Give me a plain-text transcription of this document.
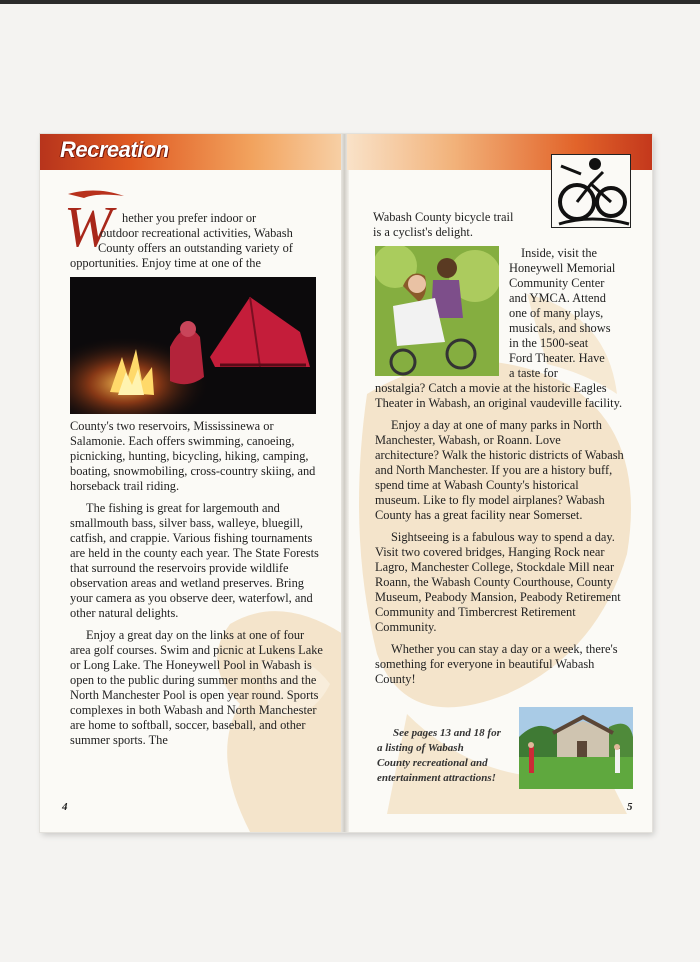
Recreation
W hether you prefer indoor or
outdoor recreational activities, Wabash
County offers an outstanding variety of
opportunities. Enjoy time at one of the

County's two reservoirs, Mississinewa or Salamonie. Each offers swimming, canoeing, picnicking, hunting, bicycling, hiking, camping, boating, snowmobiling, cross-country skiing, and horseback trail riding.

The fishing is great for largemouth and smallmouth bass, silver bass, walleye, bluegill, catfish, and crappie. Various fishing tournaments are held in the county each year. The State Forests that surround the reservoirs provide wildlife observation areas and wetland preserves. Bring your camera as you observe deer, waterfowl, and other natural delights.

Enjoy a great day on the links at one of four area golf courses. Swim and picnic at Lukens Lake or Long Lake. The Honeywell Pool in Wabash is open to the public during summer months and the North Manchester Pool is open year round. Sports complexes in both Wabash and North Manchester are home to softball, soccer, baseball, and other summer sports. The

4
Wabash County bicycle trail
is a cyclist's delight.
Inside, visit the
Honeywell Memorial
Community Center
and YMCA. Attend
one of many plays,
musicals, and shows
in the 1500-seat
Ford Theater. Have
a taste for

nostalgia? Catch a movie at the historic Eagles Theater in Wabash, an original vaudeville facility.

Enjoy a day at one of many parks in North Manchester, Wabash, or Roann. Love architecture? Walk the historic districts of Wabash and North Manchester. If you are a history buff, spend time at Wabash County's historical museum. Like to fly model airplanes? Wabash County has a great facility near Somerset.

Sightseeing is a fabulous way to spend a day. Visit two covered bridges, Hanging Rock near Lagro, Manchester College, Stockdale Mill near Roann, the Wabash County Courthouse, County Museum, Peabody Mansion, Peabody Retirement Community and Timbercrest Retirement Community.

Whether you can stay a day or a week, there's something for everyone in beautiful Wabash County!

See pages 13 and 18 for
a listing of Wabash
County recreational and
entertainment attractions!
5
